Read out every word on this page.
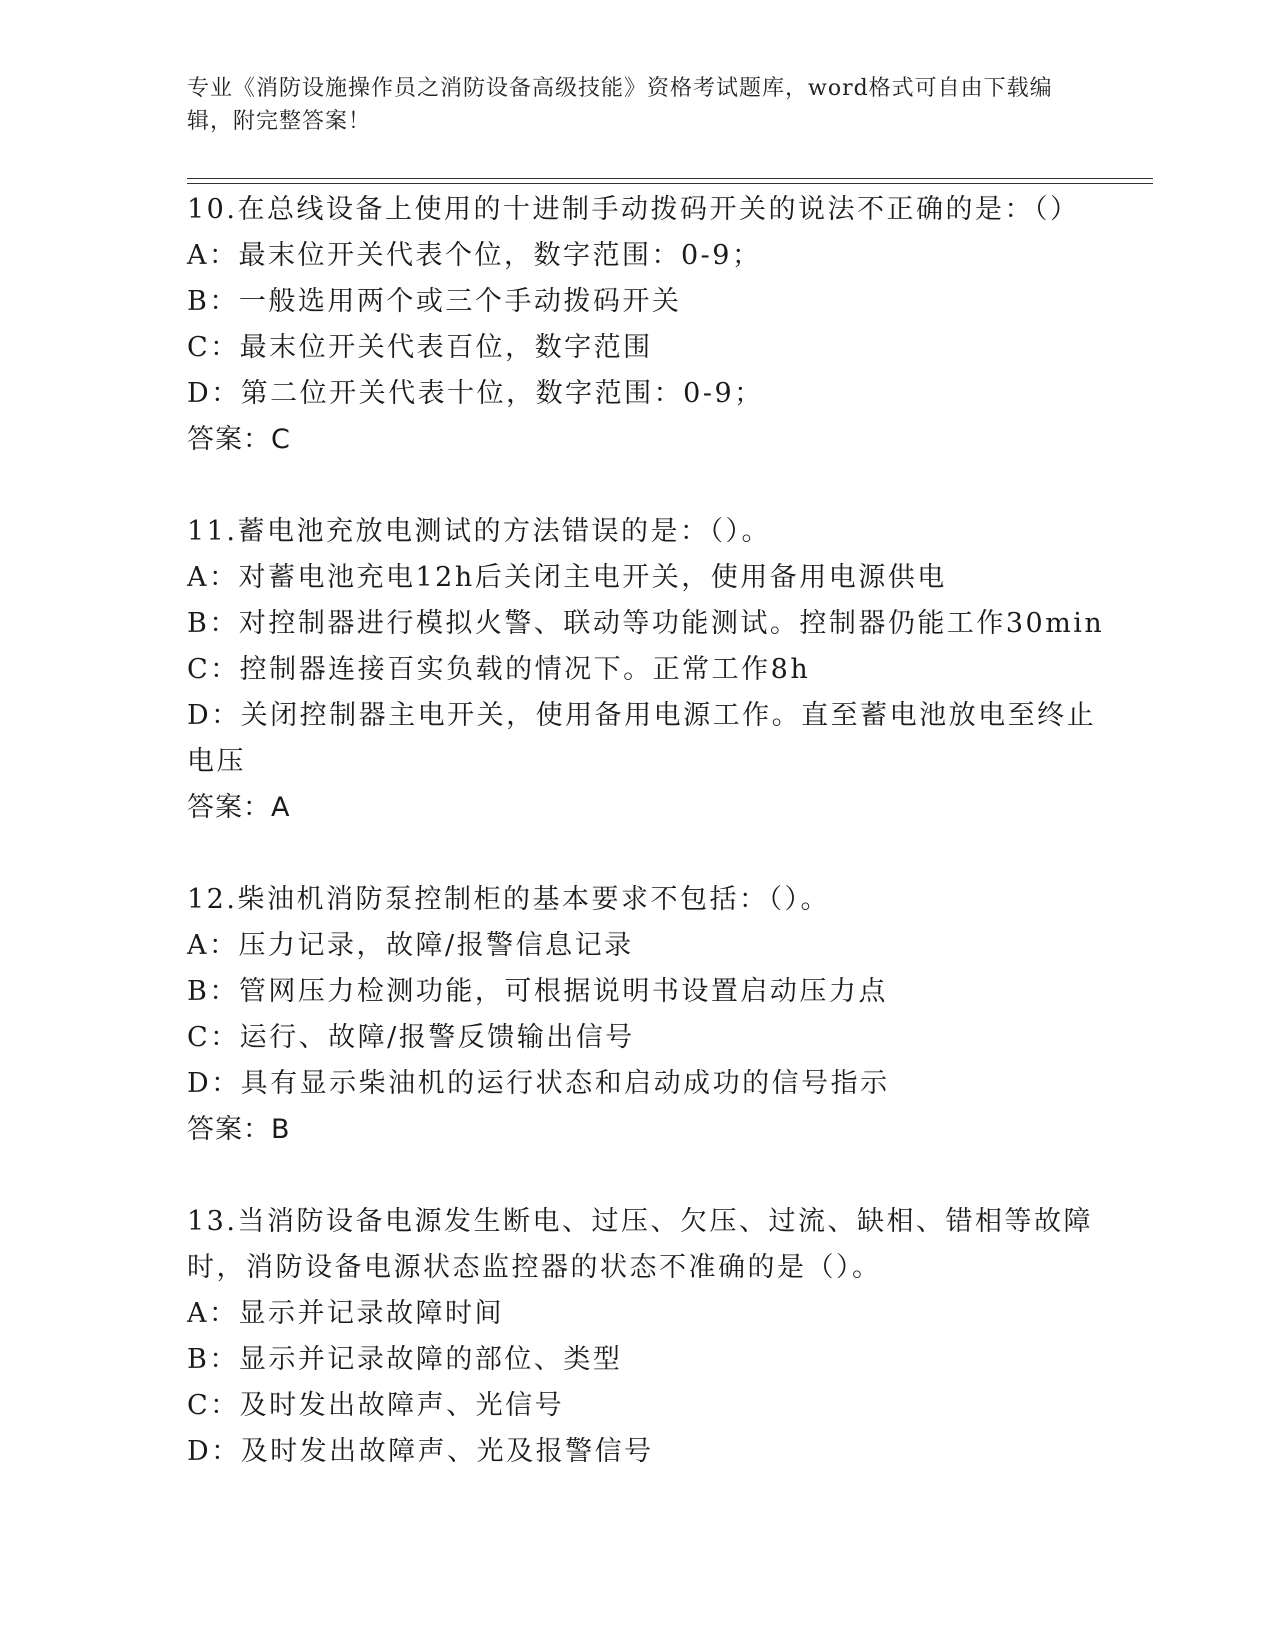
专业《消防设施操作员之消防设备高级技能》资格考试题库，word格式可自由下载编辑，附完整答案！
10.在总线设备上使用的十进制手动拨码开关的说法不正确的是：（）
A：最末位开关代表个位，数字范围：0-9；
B：一般选用两个或三个手动拨码开关
C：最末位开关代表百位，数字范围
D：第二位开关代表十位，数字范围：0-9；
答案：C
11.蓄电池充放电测试的方法错误的是：（）。
A：对蓄电池充电12h后关闭主电开关，使用备用电源供电
B：对控制器进行模拟火警、联动等功能测试。控制器仍能工作30min
C：控制器连接百实负载的情况下。正常工作8h
D：关闭控制器主电开关，使用备用电源工作。直至蓄电池放电至终止电压
答案：A
12.柴油机消防泵控制柜的基本要求不包括：（）。
A：压力记录，故障/报警信息记录
B：管网压力检测功能，可根据说明书设置启动压力点
C：运行、故障/报警反馈输出信号
D：具有显示柴油机的运行状态和启动成功的信号指示
答案：B
13.当消防设备电源发生断电、过压、欠压、过流、缺相、错相等故障时，消防设备电源状态监控器的状态不准确的是（）。
A：显示并记录故障时间
B：显示并记录故障的部位、类型
C：及时发出故障声、光信号
D：及时发出故障声、光及报警信号
